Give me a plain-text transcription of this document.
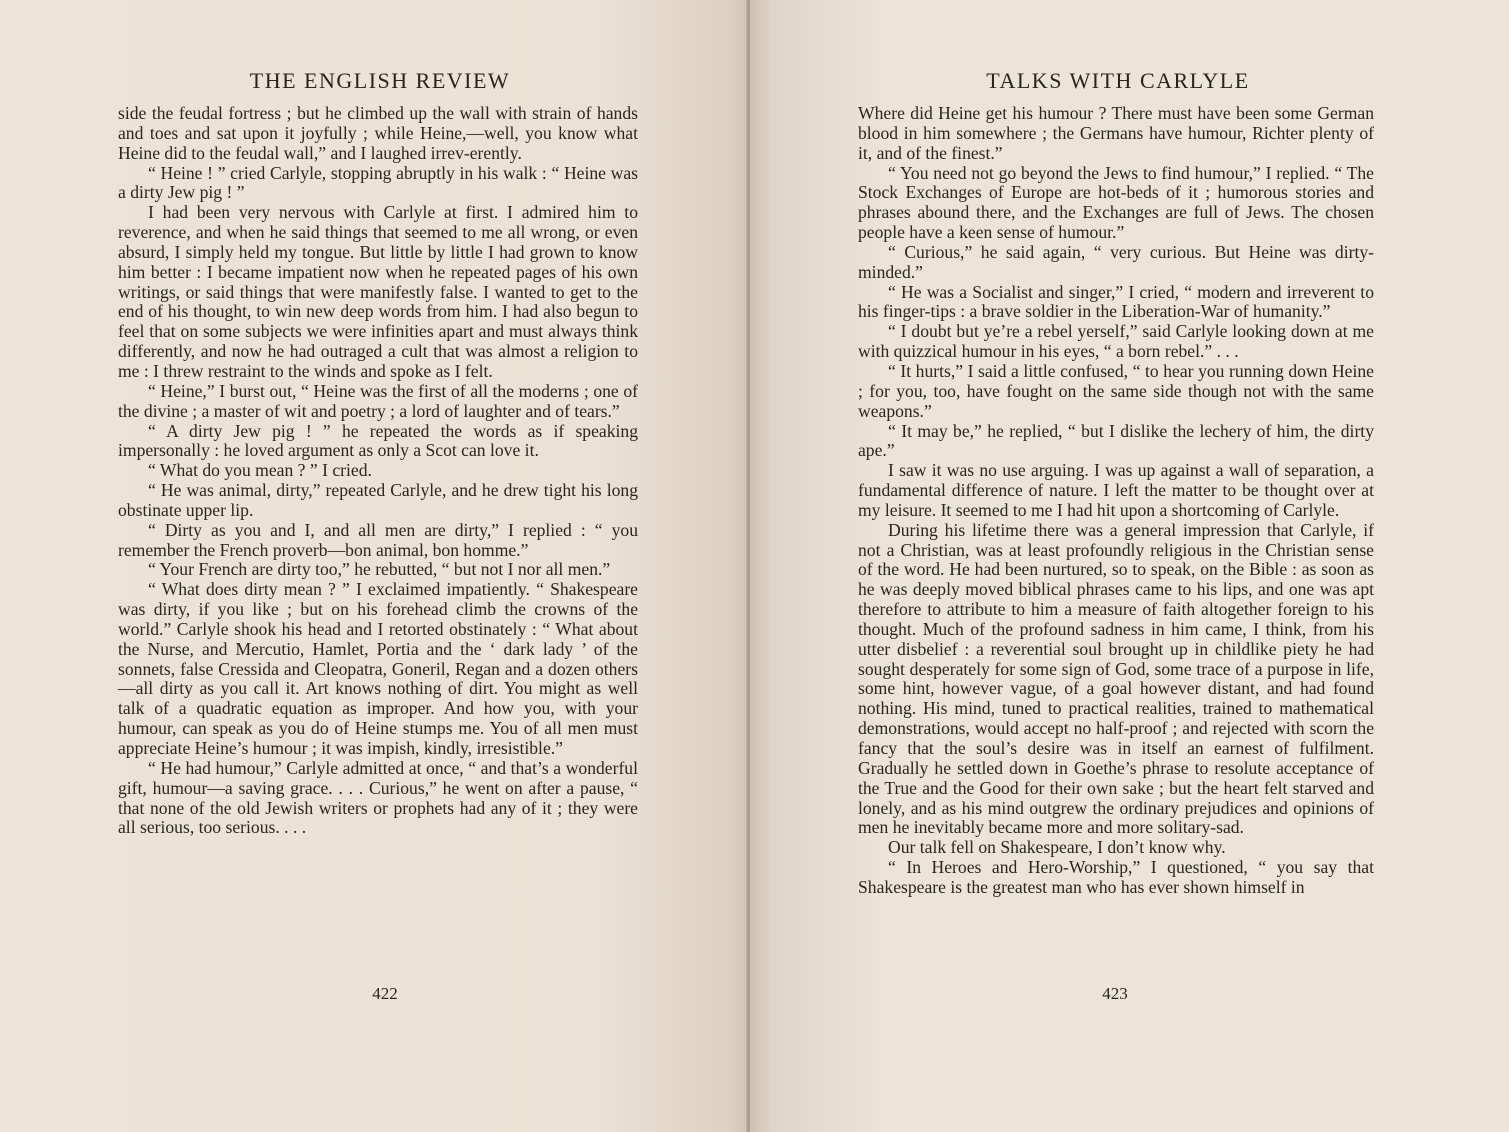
THE ENGLISH REVIEW

side the feudal fortress ; but he climbed up the wall with strain of hands and toes and sat upon it joyfully ; while Heine,—well, you know what Heine did to the feudal wall,” and I laughed irrev-erently.

“ Heine ! ” cried Carlyle, stopping abruptly in his walk : “ Heine was a dirty Jew pig ! ”

I had been very nervous with Carlyle at first. I admired him to reverence, and when he said things that seemed to me all wrong, or even absurd, I simply held my tongue. But little by little I had grown to know him better : I became impatient now when he repeated pages of his own writings, or said things that were manifestly false. I wanted to get to the end of his thought, to win new deep words from him. I had also begun to feel that on some subjects we were infinities apart and must always think differently, and now he had outraged a cult that was almost a religion to me : I threw restraint to the winds and spoke as I felt.

“ Heine,” I burst out, “ Heine was the first of all the moderns ; one of the divine ; a master of wit and poetry ; a lord of laughter and of tears.”

“ A dirty Jew pig ! ” he repeated the words as if speaking impersonally : he loved argument as only a Scot can love it.

“ What do you mean ? ” I cried.

“ He was animal, dirty,” repeated Carlyle, and he drew tight his long obstinate upper lip.

“ Dirty as you and I, and all men are dirty,” I replied : “ you remember the French proverb—bon animal, bon homme.”

“ Your French are dirty too,” he rebutted, “ but not I nor all men.”

“ What does dirty mean ? ” I exclaimed impatiently. “ Shakespeare was dirty, if you like ; but on his forehead climb the crowns of the world.” Carlyle shook his head and I retorted obstinately : “ What about the Nurse, and Mercutio, Hamlet, Portia and the ‘ dark lady ’ of the sonnets, false Cressida and Cleopatra, Goneril, Regan and a dozen others—all dirty as you call it. Art knows nothing of dirt. You might as well talk of a quadratic equation as improper. And how you, with your humour, can speak as you do of Heine stumps me. You of all men must appreciate Heine’s humour ; it was impish, kindly, irresistible.”

“ He had humour,” Carlyle admitted at once, “ and that’s a wonderful gift, humour—a saving grace. . . . Curious,” he went on after a pause, “ that none of the old Jewish writers or prophets had any of it ; they were all serious, too serious. . . .

422
TALKS WITH CARLYLE

Where did Heine get his humour ? There must have been some German blood in him somewhere ; the Germans have humour, Richter plenty of it, and of the finest.”

“ You need not go beyond the Jews to find humour,” I replied. “ The Stock Exchanges of Europe are hot-beds of it ; humorous stories and phrases abound there, and the Exchanges are full of Jews. The chosen people have a keen sense of humour.”

“ Curious,” he said again, “ very curious. But Heine was dirty-minded.”

“ He was a Socialist and singer,” I cried, “ modern and irreverent to his finger-tips : a brave soldier in the Liberation-War of humanity.”

“ I doubt but ye’re a rebel yerself,” said Carlyle looking down at me with quizzical humour in his eyes, “ a born rebel.” . . .

“ It hurts,” I said a little confused, “ to hear you running down Heine ; for you, too, have fought on the same side though not with the same weapons.”

“ It may be,” he replied, “ but I dislike the lechery of him, the dirty ape.”

I saw it was no use arguing. I was up against a wall of separation, a fundamental difference of nature. I left the matter to be thought over at my leisure. It seemed to me I had hit upon a shortcoming of Carlyle.

During his lifetime there was a general impression that Carlyle, if not a Christian, was at least profoundly religious in the Christian sense of the word. He had been nurtured, so to speak, on the Bible : as soon as he was deeply moved biblical phrases came to his lips, and one was apt therefore to attribute to him a measure of faith altogether foreign to his thought. Much of the profound sadness in him came, I think, from his utter disbelief : a reverential soul brought up in childlike piety he had sought desperately for some sign of God, some trace of a purpose in life, some hint, however vague, of a goal however distant, and had found nothing. His mind, tuned to practical realities, trained to mathematical demonstrations, would accept no half-proof ; and rejected with scorn the fancy that the soul’s desire was in itself an earnest of fulfilment. Gradually he settled down in Goethe’s phrase to resolute acceptance of the True and the Good for their own sake ; but the heart felt starved and lonely, and as his mind outgrew the ordinary prejudices and opinions of men he inevitably became more and more solitary-sad.

Our talk fell on Shakespeare, I don’t know why.

“ In Heroes and Hero-Worship,” I questioned, “ you say that Shakespeare is the greatest man who has ever shown himself in

423
